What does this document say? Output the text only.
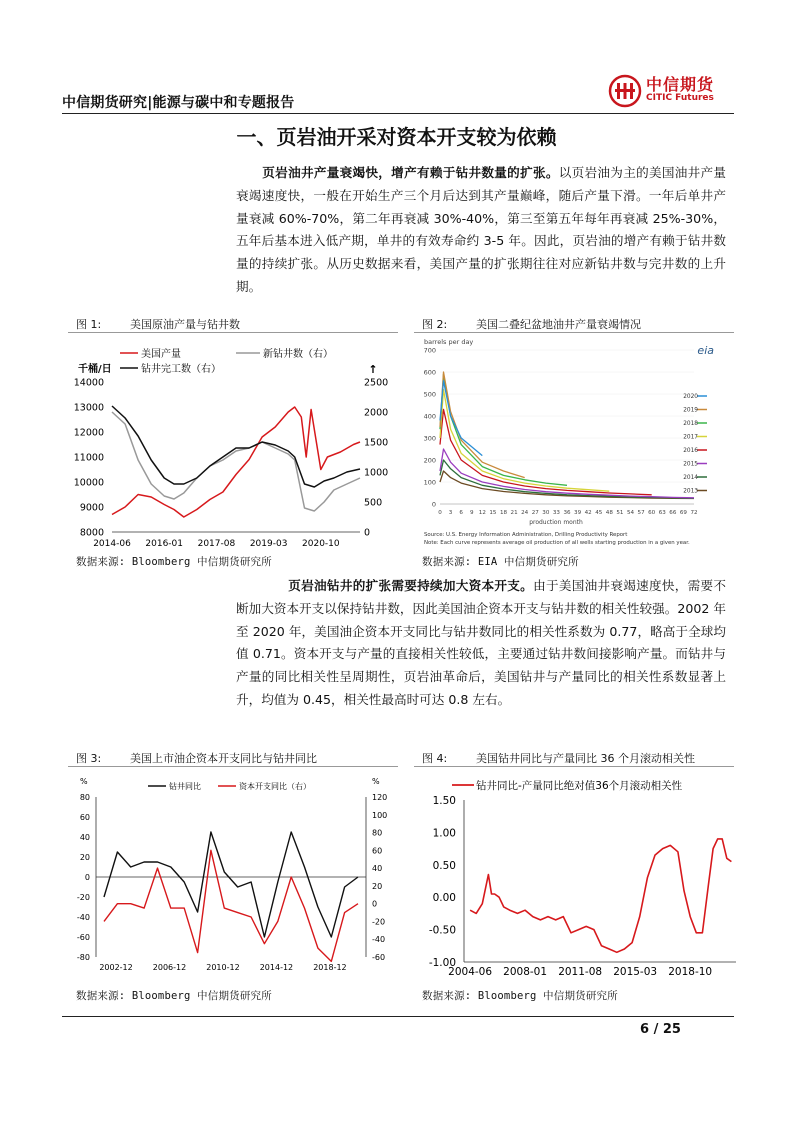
中信期货研究|能源与碳中和专题报告
中信期货
CITIC Futures
一、页岩油开采对资本开支较为依赖
页岩油井产量衰竭快，增产有赖于钻井数量的扩张。以页岩油为主的美国油井产量衰竭速度快，一般在开始生产三个月后达到其产量巅峰，随后产量下滑。一年后单井产量衰减 60%-70%，第二年再衰减 30%-40%，第三至第五年每年再衰减 25%-30%，五年后基本进入低产期，单井的有效寿命约 3-5 年。因此，页岩油的增产有赖于钻井数量的持续扩张。从历史数据来看，美国产量的扩张期往往对应新钻井数与完井数的上升期。
图 1:	美国原油产量与钻井数	图 2:	美国二叠纪盆地油井产量衰竭情况
美国产量	新钻井数（右）
钻井完工数（右）
千桶/日	↑
14000
13000
12000
11000
10000
9000
8000
2500
2000
1500
1000
500
0
2014-06 2016-01 2017-08 2019-03 2020-10
barrels per day
eia
700
600
500
400
300
200
100
0
0 3 6 9 12 15 18 21 24 27 30 33 36 39 42 45 48 51 54 57 60 63 66 69 72
production month
2020
2019
2018
2017
2016
2015
2014
2013
Source: U.S. Energy Information Administration, Drilling Productivity Report
Note: Each curve represents average oil production of all wells starting production in a given year.
数据来源: Bloomberg 中信期货研究所	数据来源: EIA 中信期货研究所
页岩油钻井的扩张需要持续加大资本开支。由于美国油井衰竭速度快，需要不断加大资本开支以保持钻井数，因此美国油企资本开支与钻井数的相关性较强。2002 年至 2020 年，美国油企资本开支同比与钻井数同比的相关性系数为 0.77，略高于全球均值 0.71。资本开支与产量的直接相关性较低，主要通过钻井数间接影响产量。而钻井与产量的同比相关性呈周期性，页岩油革命后，美国钻井与产量同比的相关性系数显著上升，均值为 0.45，相关性最高时可达 0.8 左右。
图 3:	美国上市油企资本开支同比与钻井同比	图 4:	美国钻井同比与产量同比 36 个月滚动相关性
%	%
钻井同比	资本开支同比（右）
80
60
40
20
0
-20
-40
-60
-80
120
100
80
60
40
20
0
-20
-40
-60
2002-12	2006-12	2010-12	2014-12	2018-12
钻井同比-产量同比绝对值36个月滚动相关性
1.50
1.00
0.50
0.00
-0.50
-1.00
2004-06 2008-01 2011-08 2015-03 2018-10
数据来源: Bloomberg 中信期货研究所	数据来源: Bloomberg 中信期货研究所
6 / 25
